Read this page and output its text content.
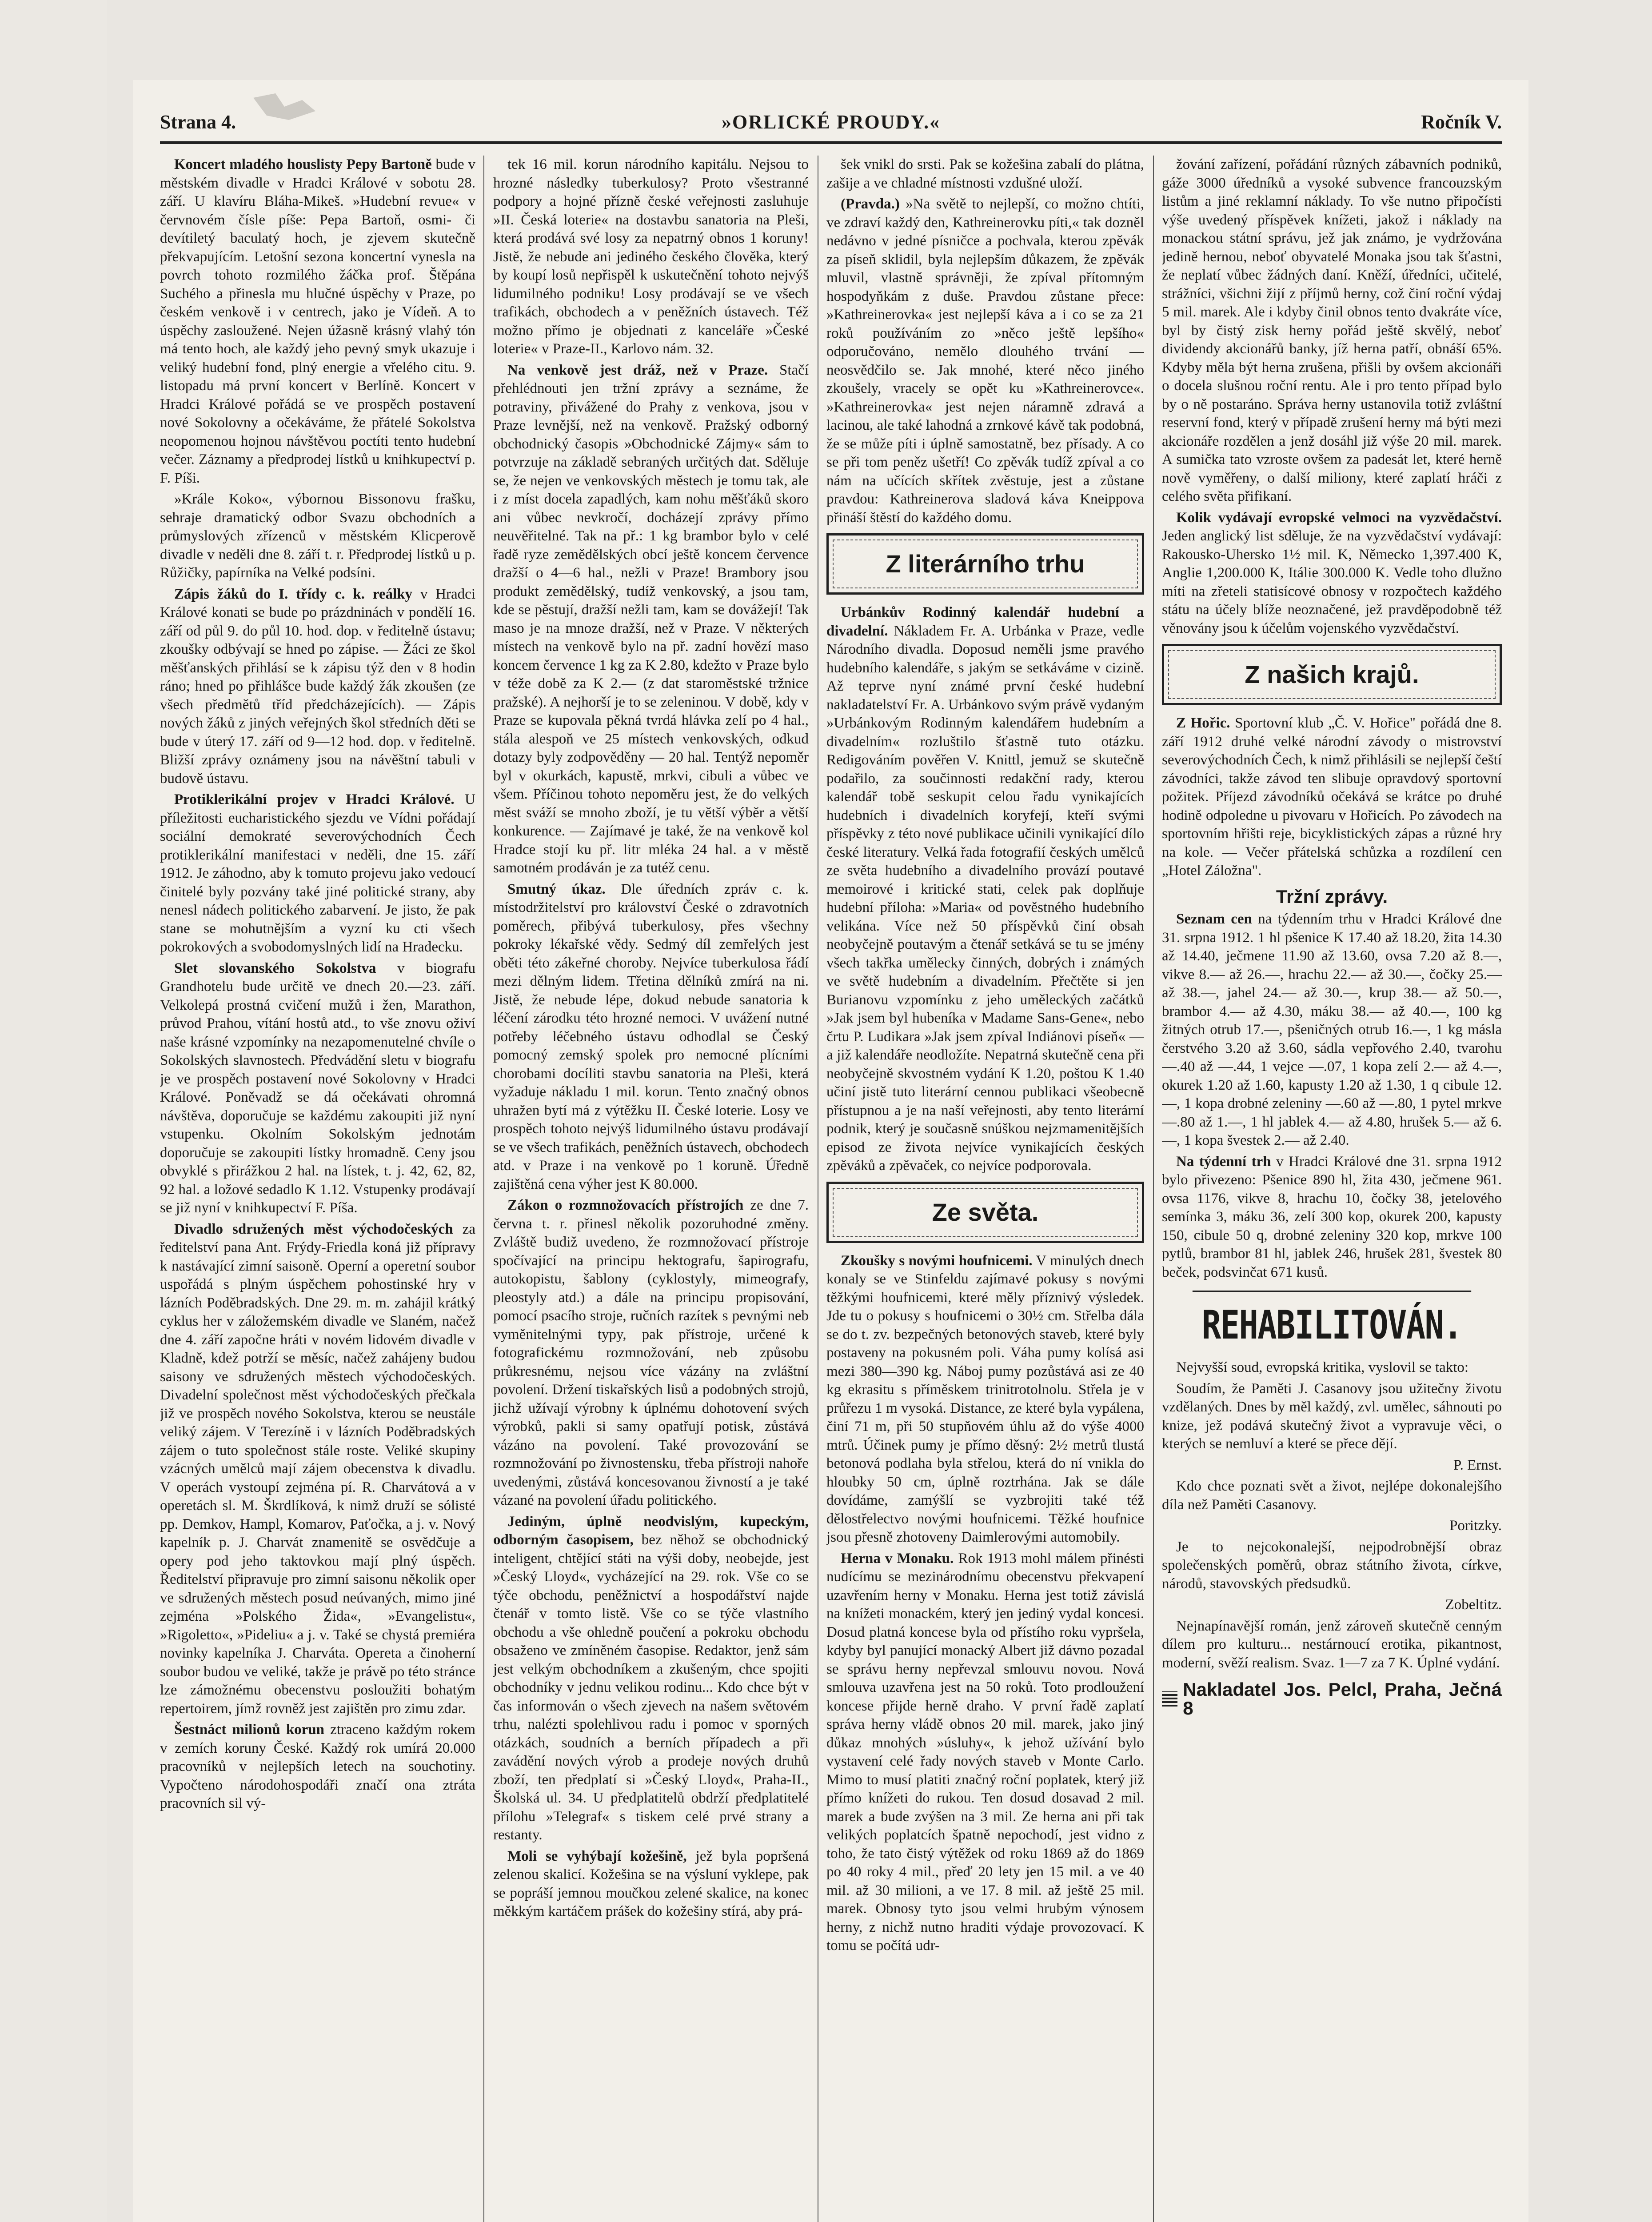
Strana 4.	»ORLICKÉ PROUDY.«	Ročník V.

Koncert mladého houslisty Pepy Bartoně bude v městském divadle v Hradci Králové v sobotu 28. září. U klavíru Bláha-Mikeš. »Hudební revue« v červnovém čísle píše: Pepa Bartoň, osmi- či devítiletý baculatý hoch, je zjevem skutečně překvapujícím. Letošní sezona koncertní vynesla na povrch tohoto rozmilého žáčka prof. Štěpána Suchého a přinesla mu hlučné úspěchy v Praze, po českém venkově i v centrech, jako je Vídeň. A to úspěchy zasloužené. Nejen úžasně krásný vlahý tón má tento hoch, ale každý jeho pevný smyk ukazuje i veliký hudební fond, plný energie a vřelého citu. 9. listopadu má první koncert v Berlíně. Koncert v Hradci Králové pořádá se ve prospěch postavení nové Sokolovny a očekáváme, že přátelé Sokolstva neopomenou hojnou návštěvou poctíti tento hudební večer. Záznamy a předprodej lístků u knihkupectví p. F. Píši.

»Krále Koko«, výbornou Bissonovu frašku, sehraje dramatický odbor Svazu obchodních a průmyslových zřízenců v městském Klicperově divadle v neděli dne 8. září t. r. Předprodej lístků u p. Růžičky, papírníka na Velké podsíni.

Zápis žáků do I. třídy c. k. reálky v Hradci Králové konati se bude po prázdninách v pondělí 16. září od půl 9. do půl 10. hod. dop. v ředitelně ústavu; zkoušky odbývají se hned po zápise. — Žáci ze škol měšťanských přihlásí se k zápisu týž den v 8 hodin ráno; hned po přihlášce bude každý žák zkoušen (ze všech předmětů tříd předcházejících). — Zápis nových žáků z jiných veřejných škol středních děti se bude v úterý 17. září od 9—12 hod. dop. v ředitelně. Bližší zprávy oznámeny jsou na návěštní tabuli v budově ústavu.

Protiklerikální projev v Hradci Králové. U příležitosti eucharistického sjezdu ve Vídni pořádají sociální demokraté severovýchodních Čech protiklerikální manifestaci v neděli, dne 15. září 1912. Je záhodno, aby k tomuto projevu jako vedoucí činitelé byly pozvány také jiné politické strany, aby nenesl nádech politického zabarvení. Je jisto, že pak stane se mohutnějším a vyzní ku cti všech pokrokových a svobodomyslných lidí na Hradecku.

Slet slovanského Sokolstva v biografu Grandhotelu bude určitě ve dnech 20.—23. září. Velkolepá prostná cvičení mužů i žen, Marathon, průvod Prahou, vítání hostů atd., to vše znovu oživí naše krásné vzpomínky na nezapomenutelné chvíle o Sokolských slavnostech. Předvádění sletu v biografu je ve prospěch postavení nové Sokolovny v Hradci Králové. Poněvadž se dá očekávati ohromná návštěva, doporučuje se každému zakoupiti již nyní vstupenku. Okolním Sokolským jednotám doporučuje se zakoupiti lístky hromadně. Ceny jsou obvyklé s přirážkou 2 hal. na lístek, t. j. 42, 62, 82, 92 hal. a ložové sedadlo K 1.12. Vstupenky prodávají se již nyní v knihkupectví F. Píša.

Divadlo sdružených měst východočeských za ředitelství pana Ant. Frýdy-Friedla koná již přípravy k nastávající zimní saisoně. Operní a operetní soubor uspořádá s plným úspěchem pohostinské hry v lázních Poděbradských. Dne 29. m. m. zahájil krátký cyklus her v záložemském divadle ve Slaném, načež dne 4. září započne hráti v novém lidovém divadle v Kladně, kdež potrží se měsíc, načež zahájeny budou saisony ve sdružených městech východočeských. Divadelní společnost měst východočeských přečkala již ve prospěch nového Sokolstva, kterou se neustále veliký zájem. V Terezíně i v lázních Poděbradských zájem o tuto společnost stále roste. Veliké skupiny vzácných umělců mají zájem obecenstva k divadlu. V operách vystoupí zejména pí. R. Charvátová a v operetách sl. M. Škrdlíková, k nimž druží se sólisté pp. Demkov, Hampl, Komarov, Paťočka, a j. v. Nový kapelník p. J. Charvát znamenitě se osvědčuje a opery pod jeho taktovkou mají plný úspěch. Ředitelství připravuje pro zimní saisonu několik oper ve sdružených městech posud neúvaných, mimo jiné zejména »Polského Žida«, »Evangelistu«, »Rigoletto«, »Pideliu« a j. v. Také se chystá premiéra novinky kapelníka J. Charváta. Opereta a činoherní soubor budou ve veliké, takže je právě po této stránce lze zámožnému obecenstvu posloužiti bohatým repertoirem, jímž rovněž jest zajištěn pro zimu zdar.

Šestnáct milionů korun ztraceno každým rokem v zemích koruny České. Každý rok umírá 20.000 pracovníků v nejlepších letech na souchotiny. Vypočteno národohospodáři značí ona ztráta pracovních sil vý-

tek 16 mil. korun národního kapitálu. Nejsou to hrozné následky tuberkulosy? Proto všestranné podpory a hojné přízně české veřejnosti zasluhuje »II. Česká loterie« na dostavbu sanatoria na Pleši, která prodává své losy za nepatrný obnos 1 koruny! Jistě, že nebude ani jediného českého člověka, který by koupí losů nepřispěl k uskutečnění tohoto nejvýš lidumilného podniku! Losy prodávají se ve všech trafikách, obchodech a v peněžních ústavech. Též možno přímo je objednati z kanceláře »České loterie« v Praze-II., Karlovo nám. 32.

Na venkově jest dráž, než v Praze. Stačí přehlédnouti jen tržní zprávy a seznáme, že potraviny, přivážené do Prahy z venkova, jsou v Praze levnější, než na venkově. Pražský odborný obchodnický časopis »Obchodnické Zájmy« sám to potvrzuje na základě sebraných určitých dat. Sděluje se, že nejen ve venkovských městech je tomu tak, ale i z míst docela zapadlých, kam nohu měšťáků skoro ani vůbec nevkročí, docházejí zprávy přímo neuvěřitelné. Tak na př.: 1 kg brambor bylo v celé řadě ryze zemědělských obcí ještě koncem července dražší o 4—6 hal., nežli v Praze! Brambory jsou produkt zemědělský, tudíž venkovský, a jsou tam, kde se pěstují, dražší nežli tam, kam se dovážejí! Tak maso je na mnoze dražší, než v Praze. V některých místech na venkově bylo na př. zadní hovězí maso koncem července 1 kg za K 2.80, kdežto v Praze bylo v téže době za K 2.— (z dat staroměstské tržnice pražské). A nejhorší je to se zeleninou. V době, kdy v Praze se kupovala pěkná tvrdá hlávka zelí po 4 hal., stála alespoň ve 25 místech venkovských, odkud dotazy byly zodpověděny — 20 hal. Tentýž nepoměr byl v okurkách, kapustě, mrkvi, cibuli a vůbec ve všem. Příčinou tohoto nepoměru jest, že do velkých měst sváží se mnoho zboží, je tu větší výběr a větší konkurence. — Zajímavé je také, že na venkově kol Hradce stojí ku př. litr mléka 24 hal. a v městě samotném prodáván je za tutéž cenu.

Smutný úkaz. Dle úředních zpráv c. k. místodržitelství pro království České o zdravotních poměrech, přibývá tuberkulosy, přes všechny pokroky lékařské vědy. Sedmý díl zemřelých jest oběti této zákeřné choroby. Nejvíce tuberkulosa řádí mezi dělným lidem. Třetina dělníků zmírá na ni. Jistě, že nebude lépe, dokud nebude sanatoria k léčení zárodku této hrozné nemoci. V uvážení nutné potřeby léčebného ústavu odhodlal se Český pomocný zemský spolek pro nemocné plícními chorobami docíliti stavbu sanatoria na Pleši, která vyžaduje nákladu 1 mil. korun. Tento značný obnos uhražen bytí má z výtěžku II. České loterie. Losy ve prospěch tohoto nejvýš lidumilného ústavu prodávají se ve všech trafikách, peněžních ústavech, obchodech atd. v Praze i na venkově po 1 koruně. Úředně zajištěná cena výher jest K 80.000.

Zákon o rozmnožovacích přístrojích ze dne 7. června t. r. přinesl několik pozoruhodné změny. Zvláště budiž uvedeno, že rozmnožovací přístroje spočívající na principu hektografu, šapirografu, autokopistu, šablony (cyklostyly, mimeografy, pleostyly atd.) a dále na principu propisování, pomocí psacího stroje, ručních razítek s pevnými neb vyměnitelnými typy, pak přístroje, určené k fotografickému rozmnožování, neb způsobu průkresnému, nejsou více vázány na zvláštní povolení. Držení tiskařských lisů a podobných strojů, jichž užívají výrobny k úplnému dohotovení svých výrobků, pakli si samy opatřují potisk, zůstává vázáno na povolení. Také provozování se rozmnožování po živnostensku, třeba přístroji nahoře uvedenými, zůstává koncesovanou živností a je také vázané na povolení úřadu politického.

Jediným, úplně neodvislým, kupeckým, odborným časopisem, bez něhož se obchodnický inteligent, chtějící státi na výši doby, neobejde, jest »Český Lloyd«, vycházející na 29. rok. Vše co se týče obchodu, peněžnictví a hospodářství najde čtenář v tomto listě. Vše co se týče vlastního obchodu a vše ohledně poučení a pokroku obchodu obsaženo ve zmíněném časopise. Redaktor, jenž sám jest velkým obchodníkem a zkušeným, chce spojiti obchodníky v jednu velikou rodinu... Kdo chce být v čas informován o všech zjevech na našem světovém trhu, nalézti spolehlivou radu i pomoc v sporných otázkách, soudních a berních případech a při zavádění nových výrob a prodeje nových druhů zboží, ten předplatí si »Český Lloyd«, Praha-II., Školská ul. 34. U předplatitelů obdrží předplatitelé přílohu »Telegraf« s tiskem celé prvé strany a restanty.

Moli se vyhýbají kožešině, jež byla popršená zelenou skalicí. Kožešina se na výsluní vyklepe, pak se popráší jemnou moučkou zelené skalice, na konec měkkým kartáčem prášek do kožešiny stírá, aby prá-

šek vnikl do srsti. Pak se kožešina zabalí do plátna, zašije a ve chladné místnosti vzdušné uloží.

(Pravda.) »Na světě to nejlepší, co možno chtíti, ve zdraví každý den, Kathreinerovku píti,« tak dozněl nedávno v jedné písničce a pochvala, kterou zpěvák za píseň sklidil, byla nejlepším důkazem, že zpěvák mluvil, vlastně správněji, že zpíval přítomným hospodyňkám z duše. Pravdou zůstane přece: »Kathreinerovka« jest nejlepší káva a i co se za 21 roků používáním zo »něco ještě lepšího« odporučováno, nemělo dlouhého trvání — neosvědčilo se. Jak mnohé, které něco jiného zkoušely, vracely se opět ku »Kathreinerovce«. »Kathreinerovka« jest nejen náramně zdravá a lacinou, ale také lahodná a zrnkové kávě tak podobná, že se může píti i úplně samostatně, bez přísady. A co se při tom peněz ušetří! Co zpěvák tudíž zpíval a co nám na učících skřítek zvěstuje, jest a zůstane pravdou: Kathreinerova sladová káva Kneippova přináší štěstí do každého domu.

Z literárního trhu

Urbánkův Rodinný kalendář hudební a divadelní. Nákladem Fr. A. Urbánka v Praze, vedle Národního divadla. Doposud neměli jsme pravého hudebního kalendáře, s jakým se setkáváme v cizině. Až teprve nyní známé první české hudební nakladatelství Fr. A. Urbánkovo svým právě vydaným »Urbánkovým Rodinným kalendářem hudebním a divadelním« rozluštilo šťastně tuto otázku. Redigováním pověřen V. Knittl, jemuž se skutečně podařilo, za součinnosti redakční rady, kterou kalendář tobě seskupit celou řadu vynikajících hudebních i divadelních koryfejí, kteří svými příspěvky z této nové publikace učinili vynikající dílo české literatury. Velká řada fotografií českých umělců ze světa hudebního a divadelního provází poutavé memoirové i kritické stati, celek pak doplňuje hudební příloha: »Maria« od pověstného hudebního velikána. Více než 50 příspěvků činí obsah neobyčejně poutavým a čtenář setkává se tu se jmény všech takřka umělecky činných, dobrých i známých ve světě hudebním a divadelním. Přečtěte si jen Burianovu vzpomínku z jeho uměleckých začátků »Jak jsem byl hubeníka v Madame Sans-Gene«, nebo črtu P. Ludikara »Jak jsem zpíval Indiánovi píseň« — a již kalendáře neodložíte. Nepatrná skutečně cena při neobyčejně skvostném vydání K 1.20, poštou K 1.40 učiní jistě tuto literární cennou publikaci všeobecně přístupnou a je na naší veřejnosti, aby tento literární podnik, který je současně snúškou nejzmamenitějších episod ze života nejvíce vynikajících českých zpěváků a zpěvaček, co nejvíce podporovala.

Ze světa.

Zkoušky s novými houfnicemi. V minulých dnech konaly se ve Stinfeldu zajímavé pokusy s novými těžkými houfnicemi, které měly příznivý výsledek. Jde tu o pokusy s houfnicemi o 30½ cm. Střelba dála se do t. zv. bezpečných betonových staveb, které byly postaveny na pokusném poli. Váha pumy kolísá asi mezi 380—390 kg. Náboj pumy pozůstává asi ze 40 kg ekrasitu s příměskem trinitrotolnolu. Střela je v průřezu 1 m vysoká. Distance, ze které byla vypálena, činí 71 m, při 50 stupňovém úhlu až do výše 4000 mtrů. Účinek pumy je přímo děsný: 2½ metrů tlustá betonová podlaha byla střelou, která do ní vnikla do hloubky 50 cm, úplně roztrhána. Jak se dále dovídáme, zamýšlí se vyzbrojiti také též dělostřelectvo novými houfnicemi. Těžké houfnice jsou přesně zhotoveny Daimlerovými automobily.

Herna v Monaku. Rok 1913 mohl málem přinésti nudícímu se mezinárodnímu obecenstvu překvapení uzavřením herny v Monaku. Herna jest totiž závislá na knížeti monackém, který jen jediný vydal koncesi. Dosud platná koncese byla od přístího roku vypršela, kdyby byl panující monacký Albert již dávno pozadal se správu herny nepřevzal smlouvu novou. Nová smlouva uzavřena jest na 50 roků. Toto prodloužení koncese přijde herně draho. V první řadě zaplatí správa herny vládě obnos 20 mil. marek, jako jiný důkaz mnohých »úsluhy«, k jehož užívání bylo vystavení celé řady nových staveb v Monte Carlo. Mimo to musí platiti značný roční poplatek, který již přímo knížeti do rukou. Ten dosud dosavad 2 mil. marek a bude zvýšen na 3 mil. Ze herna ani při tak velikých poplatcích špatně nepochodí, jest vidno z toho, že tato čistý výtěžek od roku 1869 až do 1869 po 40 roky 4 mil., přeď 20 lety jen 15 mil. a ve 40 mil. až 30 milioni, a ve 17. 8 mil. až ještě 25 mil. marek. Obnosy tyto jsou velmi hrubým výnosem herny, z nichž nutno hraditi výdaje provozovací. K tomu se počítá udr-

žování zařízení, pořádání různých zábavních podniků, gáže 3000 úředníků a vysoké subvence francouzským listům a jiné reklamní náklady. To vše nutno připočísti výše uvedený příspěvek knížeti, jakož i náklady na monackou státní správu, jež jak známo, je vydržována jedině hernou, neboť obyvatelé Monaka jsou tak šťastni, že neplatí vůbec žádných daní. Kněží, úředníci, učitelé, strážníci, všichni žijí z příjmů herny, což činí roční výdaj 5 mil. marek. Ale i kdyby činil obnos tento dvakráte více, byl by čistý zisk herny pořád ještě skvělý, neboť dividendy akcionářů banky, jíž herna patří, obnáší 65%. Kdyby měla být herna zrušena, přišli by ovšem akcionáři o docela slušnou roční rentu. Ale i pro tento případ bylo by o ně postaráno. Správa herny ustanovila totiž zvláštní reservní fond, který v případě zrušení herny má býti mezi akcionáře rozdělen a jenž dosáhl již výše 20 mil. marek. A sumička tato vzroste ovšem za padesát let, které herně nově vyměřeny, o další miliony, které zaplatí hráči z celého světa přifikaní.

Kolik vydávají evropské velmoci na vyzvědačství. Jeden anglický list sděluje, že na vyzvědačství vydávají: Rakousko-Uhersko 1½ mil. K, Německo 1,397.400 K, Anglie 1,200.000 K, Itálie 300.000 K. Vedle toho dlužno míti na zřeteli statisícové obnosy v rozpočtech každého státu na účely blíže neoznačené, jež pravděpodobně též věnovány jsou k účelům vojenského vyzvědačství.

Z našich krajů.

Z Hořic. Sportovní klub „Č. V. Hořice" pořádá dne 8. září 1912 druhé velké národní závody o mistrovství severovýchodních Čech, k nimž přihlásili se nejlepší čeští závodníci, takže závod ten slibuje opravdový sportovní požitek. Příjezd závodníků očekává se krátce po druhé hodině odpoledne u pivovaru v Hořicích. Po závodech na sportovním hřišti reje, bicyklistických zápas a různé hry na kole. — Večer přátelská schůzka a rozdílení cen „Hotel Záložna".

Tržní zprávy.

Seznam cen na týdenním trhu v Hradci Králové dne 31. srpna 1912. 1 hl pšenice K 17.40 až 18.20, žita 14.30 až 14.40, ječmene 11.90 až 13.60, ovsa 7.20 až 8.—, vikve 8.— až 26.—, hrachu 22.— až 30.—, čočky 25.— až 38.—, jahel 24.— až 30.—, krup 38.— až 50.—, brambor 4.— až 4.30, máku 38.— až 40.—, 100 kg žitných otrub 17.—, pšeničných otrub 16.—, 1 kg másla čerstvého 3.20 až 3.60, sádla vepřového 2.40, tvarohu —.40 až —.44, 1 vejce —.07, 1 kopa zelí 2.— až 4.—, okurek 1.20 až 1.60, kapusty 1.20 až 1.30, 1 q cibule 12.—, 1 kopa drobné zeleniny —.60 až —.80, 1 pytel mrkve —.80 až 1.—, 1 hl jablek 4.— až 4.80, hrušek 5.— až 6.—, 1 kopa švestek 2.— až 2.40.

Na týdenní trh v Hradci Králové dne 31. srpna 1912 bylo přivezeno: Pšenice 890 hl, žita 430, ječmene 961. ovsa 1176, vikve 8, hrachu 10, čočky 38, jetelového semínka 3, máku 36, zelí 300 kop, okurek 200, kapusty 150, cibule 50 q, drobné zeleniny 320 kop, mrkve 100 pytlů, brambor 81 hl, jablek 246, hrušek 281, švestek 80 beček, podsvinčat 671 kusů.

REHABILITOVÁN.

Nejvyšší soud, evropská kritika, vyslovil se takto:

Soudím, že Paměti J. Casanovy jsou užitečny životu vzdělaných. Dnes by měl každý, zvl. umělec, sáhnouti po knize, jež podává skutečný život a vypravuje věci, o kterých se nemluví a které se přece dějí.

P. Ernst.

Kdo chce poznati svět a život, nejlépe dokonalejšího díla než Paměti Casanovy.

Poritzky.

Je to nejcokonalejší, nejpodrobnější obraz společenských poměrů, obraz státního života, církve, národů, stavovských předsudků.

Zobeltitz.

Nejnapínavější román, jenž zároveň skutečně cenným dílem pro kulturu... nestárnoucí erotika, pikantnost, moderní, svěží realism. Svaz. 1—7 za 7 K. Úplné vydání.

Nakladatel Jos. Pelcl, Praha, Ječná 8
